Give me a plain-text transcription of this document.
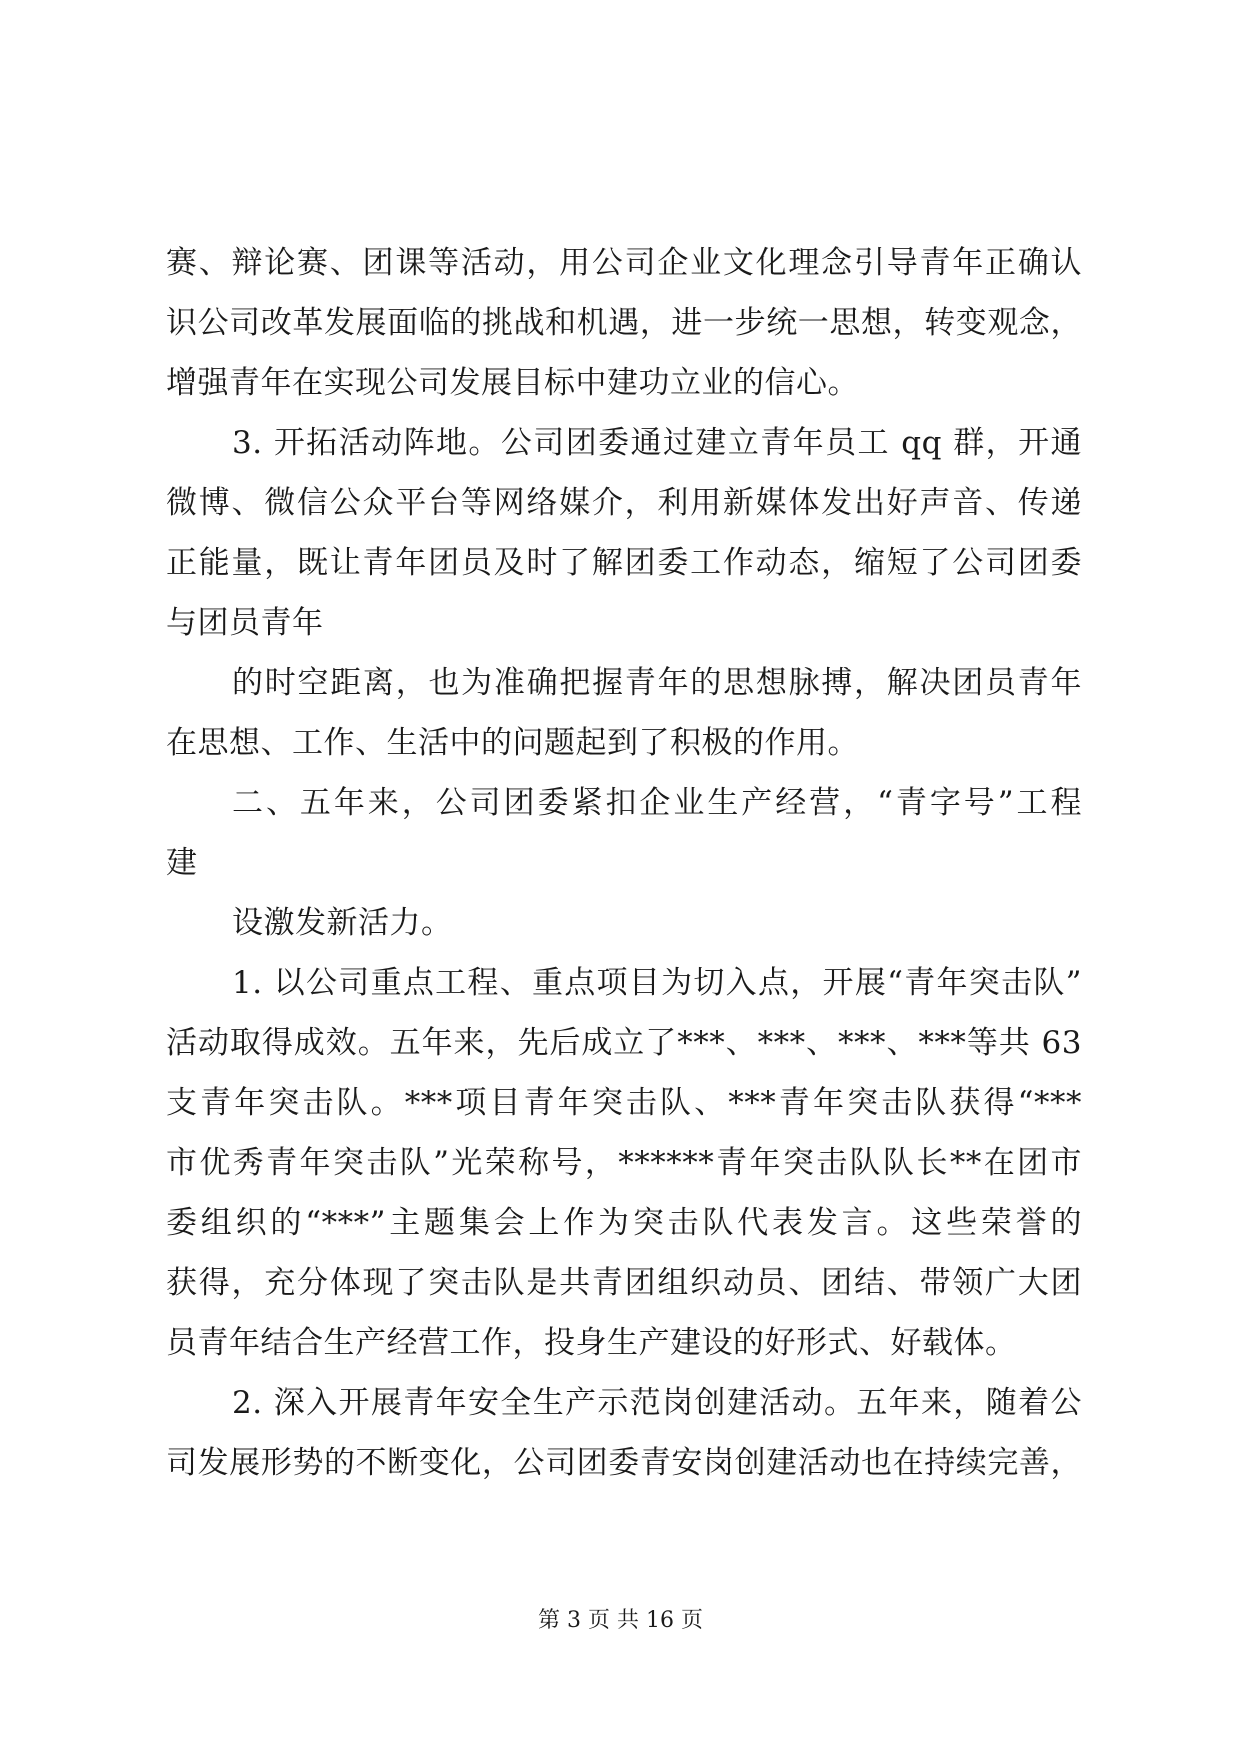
赛、辩论赛、团课等活动，用公司企业文化理念引导青年正确认
识公司改革发展面临的挑战和机遇，进一步统一思想，转变观念，
增强青年在实现公司发展目标中建功立业的信心。
3. 开拓活动阵地。公司团委通过建立青年员工 qq 群，开通
微博、微信公众平台等网络媒介，利用新媒体发出好声音、传递
正能量，既让青年团员及时了解团委工作动态，缩短了公司团委
与团员青年
的时空距离，也为准确把握青年的思想脉搏，解决团员青年
在思想、工作、生活中的问题起到了积极的作用。
二、五年来，公司团委紧扣企业生产经营，“青字号”工程
建
设激发新活力。
1. 以公司重点工程、重点项目为切入点，开展“青年突击队”
活动取得成效。五年来，先后成立了***、***、***、***等共 63
支青年突击队。***项目青年突击队、***青年突击队获得“***
市优秀青年突击队”光荣称号，******青年突击队队长**在团市
委组织的“***”主题集会上作为突击队代表发言。这些荣誉的
获得，充分体现了突击队是共青团组织动员、团结、带领广大团
员青年结合生产经营工作，投身生产建设的好形式、好载体。
2. 深入开展青年安全生产示范岗创建活动。五年来，随着公
司发展形势的不断变化，公司团委青安岗创建活动也在持续完善，
第 3 页 共 16 页
